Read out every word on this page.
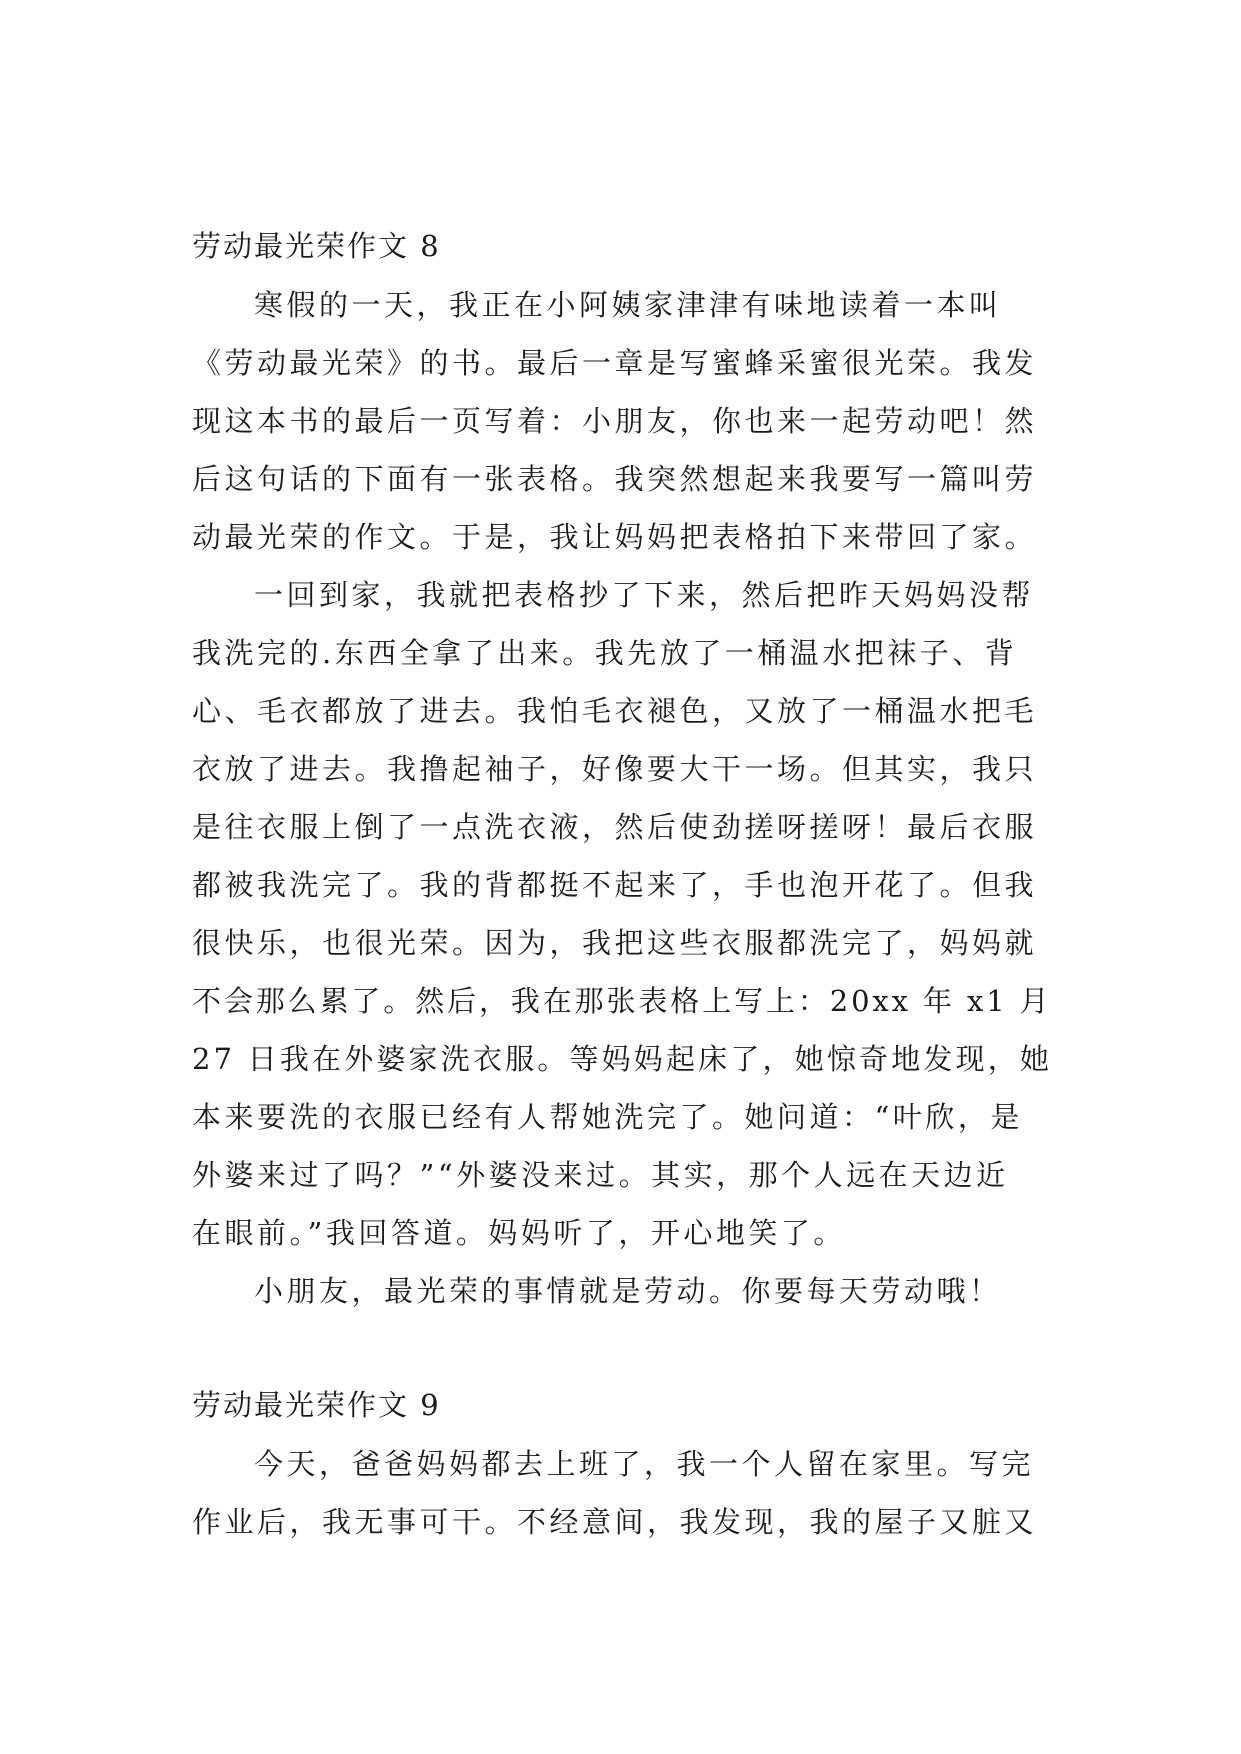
劳动最光荣作文 8

寒假的一天，我正在小阿姨家津津有味地读着一本叫

《劳动最光荣》的书。最后一章是写蜜蜂采蜜很光荣。我发

现这本书的最后一页写着：小朋友，你也来一起劳动吧！然

后这句话的下面有一张表格。我突然想起来我要写一篇叫劳

动最光荣的作文。于是，我让妈妈把表格拍下来带回了家。

一回到家，我就把表格抄了下来，然后把昨天妈妈没帮

我洗完的.东西全拿了出来。我先放了一桶温水把袜子、背

心、毛衣都放了进去。我怕毛衣褪色，又放了一桶温水把毛

衣放了进去。我撸起袖子，好像要大干一场。但其实，我只

是往衣服上倒了一点洗衣液，然后使劲搓呀搓呀！最后衣服

都被我洗完了。我的背都挺不起来了，手也泡开花了。但我

很快乐，也很光荣。因为，我把这些衣服都洗完了，妈妈就

不会那么累了。然后，我在那张表格上写上：20xx 年 x1 月

27 日我在外婆家洗衣服。等妈妈起床了，她惊奇地发现，她

本来要洗的衣服已经有人帮她洗完了。她问道：“叶欣，是

外婆来过了吗？”“外婆没来过。其实，那个人远在天边近

在眼前。”我回答道。妈妈听了，开心地笑了。

小朋友，最光荣的事情就是劳动。你要每天劳动哦！

劳动最光荣作文 9

今天，爸爸妈妈都去上班了，我一个人留在家里。写完

作业后，我无事可干。不经意间，我发现，我的屋子又脏又
